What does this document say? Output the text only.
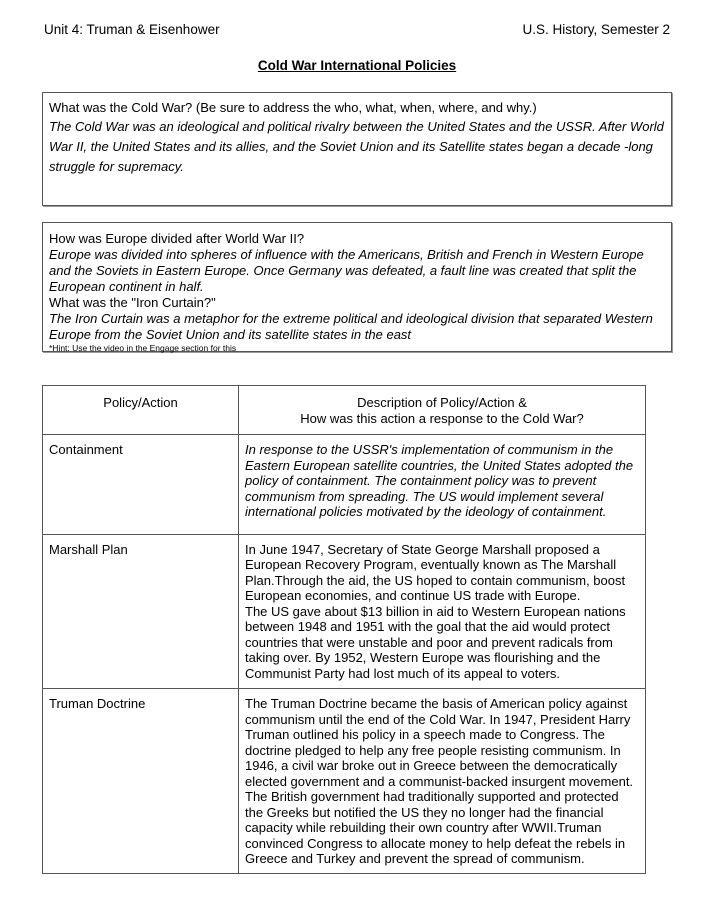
Unit 4: Truman & Eisenhower	U.S. History, Semester 2
Cold War International Policies
What was the Cold War? (Be sure to address the who, what, when, where, and why.)
The Cold War was an ideological and political rivalry between the United States and the USSR. After World War II, the United States and its allies, and the Soviet Union and its Satellite states began a decade -long struggle for supremacy.
How was Europe divided after World War II?
Europe was divided into spheres of influence with the Americans, British and French in Western Europe and the Soviets in Eastern Europe. Once Germany was defeated, a fault line was created that split the European continent in half.
What was the "Iron Curtain?"
The Iron Curtain was a metaphor for the extreme political and ideological division that separated Western Europe from the Soviet Union and its satellite states in the east
*Hint: Use the video in the Engage section for this
Policy/Action	Description of Policy/Action &
How was this action a response to the Cold War?

Containment	In response to the USSR's implementation of communism in the Eastern European satellite countries, the United States adopted the policy of containment. The containment policy was to prevent communism from spreading. The US would implement several international policies motivated by the ideology of containment.
Marshall Plan	In June 1947, Secretary of State George Marshall proposed a European Recovery Program, eventually known as The Marshall Plan.Through the aid, the US hoped to contain communism, boost European economies, and continue US trade with Europe.
The US gave about $13 billion in aid to Western European nations between 1948 and 1951 with the goal that the aid would protect countries that were unstable and poor and prevent radicals from taking over. By 1952, Western Europe was flourishing and the Communist Party had lost much of its appeal to voters.

Truman Doctrine	The Truman Doctrine became the basis of American policy against communism until the end of the Cold War. In 1947, President Harry Truman outlined his policy in a speech made to Congress. The doctrine pledged to help any free people resisting communism. In 1946, a civil war broke out in Greece between the democratically elected government and a communist-backed insurgent movement. The British government had traditionally supported and protected the Greeks but notified the US they no longer had the financial capacity while rebuilding their own country after WWII.Truman convinced Congress to allocate money to help defeat the rebels in Greece and Turkey and prevent the spread of communism.
